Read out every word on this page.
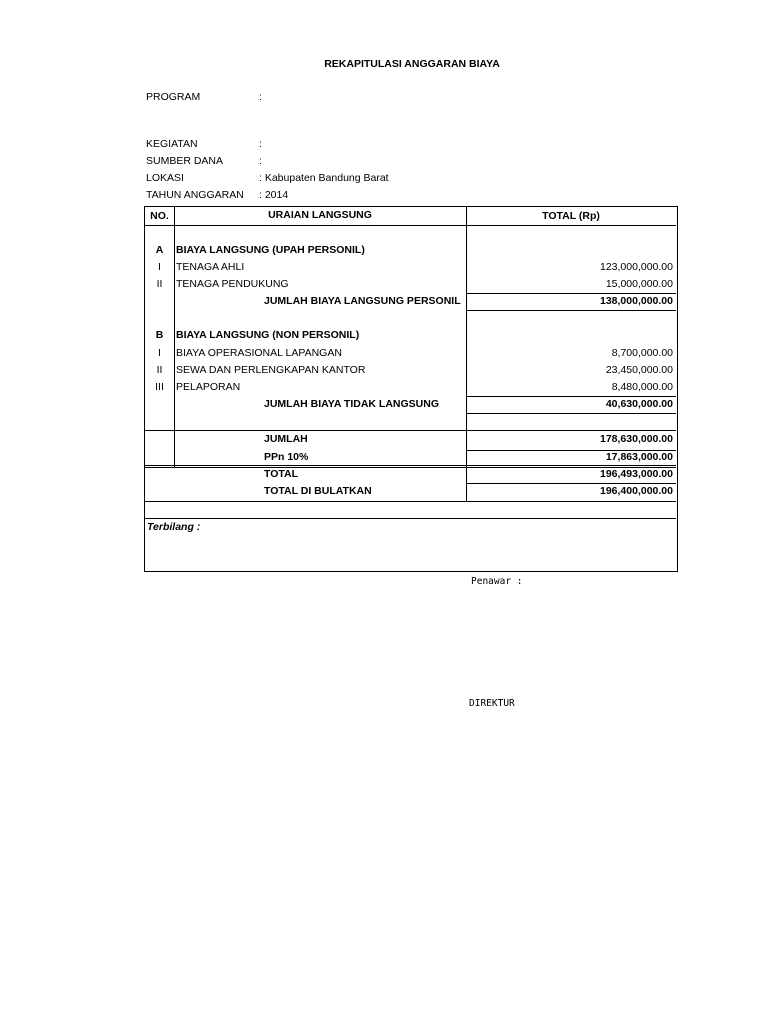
REKAPITULASI ANGGARAN BIAYA
PROGRAM	:
KEGIATAN	:
SUMBER DANA	:
LOKASI	: Kabupaten Bandung Barat
TAHUN ANGGARAN : 2014
NO.	URAIAN LANGSUNG	TOTAL (Rp)
A	BIAYA LANGSUNG (UPAH PERSONIL)
I	TENAGA AHLI	123,000,000.00
II	TENAGA PENDUKUNG	15,000,000.00
JUMLAH BIAYA LANGSUNG PERSONIL	138,000,000.00
B	BIAYA LANGSUNG (NON PERSONIL)
I	BIAYA OPERASIONAL LAPANGAN	8,700,000.00
II	SEWA DAN PERLENGKAPAN KANTOR	23,450,000.00
III	PELAPORAN	8,480,000.00
JUMLAH BIAYA TIDAK LANGSUNG	40,630,000.00
JUMLAH	178,630,000.00
PPn 10%	17,863,000.00
TOTAL	196,493,000.00
TOTAL DI BULATKAN	196,400,000.00
Terbilang :
Penawar :
DIREKTUR
